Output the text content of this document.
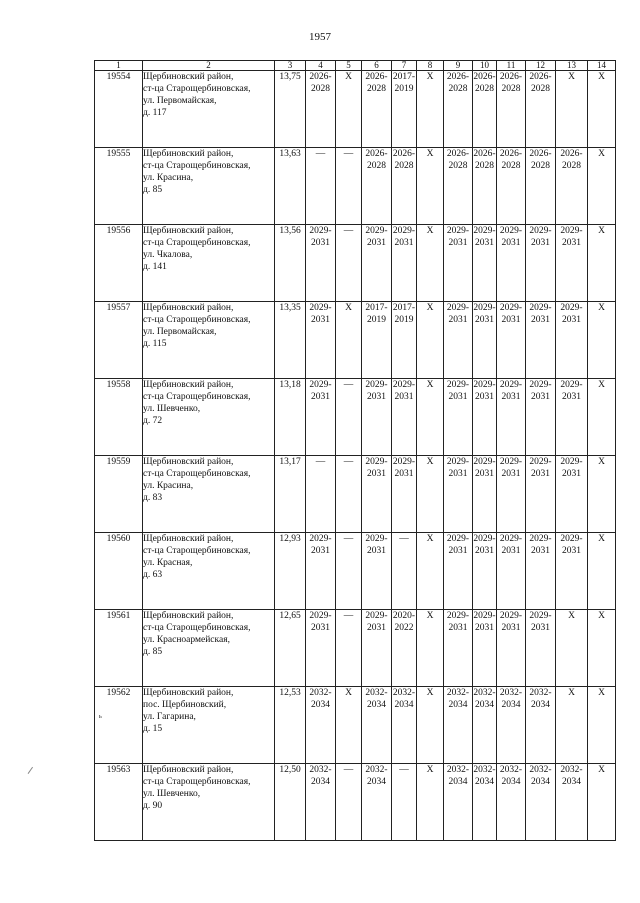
1957
1	2	3	4	5	6	7	8	9	10	11	12	13	14
19554	Щербиновский район,
ст-ца Старощербиновская,
ул. Первомайская,
д. 117	13,75	2026-
2028	X	2026-
2028	2017-
2019	X	2026-
2028	2026-
2028	2026-
2028	2026-
2028	X	X
19555	Щербиновский район,
ст-ца Старощербиновская,
ул. Красина,
д. 85	13,63	—	—	2026-
2028	2026-
2028	X	2026-
2028	2026-
2028	2026-
2028	2026-
2028	2026-
2028	X
19556	Щербиновский район,
ст-ца Старощербиновская,
ул. Чкалова,
д. 141	13,56	2029-
2031	—	2029-
2031	2029-
2031	X	2029-
2031	2029-
2031	2029-
2031	2029-
2031	2029-
2031	X
19557	Щербиновский район,
ст-ца Старощербиновская,
ул. Первомайская,
д. 115	13,35	2029-
2031	X	2017-
2019	2017-
2019	X	2029-
2031	2029-
2031	2029-
2031	2029-
2031	2029-
2031	X
19558	Щербиновский район,
ст-ца Старощербиновская,
ул. Шевченко,
д. 72	13,18	2029-
2031	—	2029-
2031	2029-
2031	X	2029-
2031	2029-
2031	2029-
2031	2029-
2031	2029-
2031	X
19559	Щербиновский район,
ст-ца Старощербиновская,
ул. Красина,
д. 83	13,17	—	—	2029-
2031	2029-
2031	X	2029-
2031	2029-
2031	2029-
2031	2029-
2031	2029-
2031	X
19560	Щербиновский район,
ст-ца Старощербиновская,
ул. Красная,
д. 63	12,93	2029-
2031	—	2029-
2031	—	X	2029-
2031	2029-
2031	2029-
2031	2029-
2031	2029-
2031	X
19561	Щербиновский район,
ст-ца Старощербиновская,
ул. Красноармейская,
д. 85	12,65	2029-
2031	—	2029-
2031	2020-
2022	X	2029-
2031	2029-
2031	2029-
2031	2029-
2031	X	X
19562	Щербиновский район,
пос. Щербиновский,
ул. Гагарина,
д. 15	12,53	2032-
2034	X	2032-
2034	2032-
2034	X	2032-
2034	2032-
2034	2032-
2034	2032-
2034	X	X
19563	Щербиновский район,
ст-ца Старощербиновская,
ул. Шевченко,
д. 90	12,50	2032-
2034	—	2032-
2034	—	X	2032-
2034	2032-
2034	2032-
2034	2032-
2034	2032-
2034	X
ь
